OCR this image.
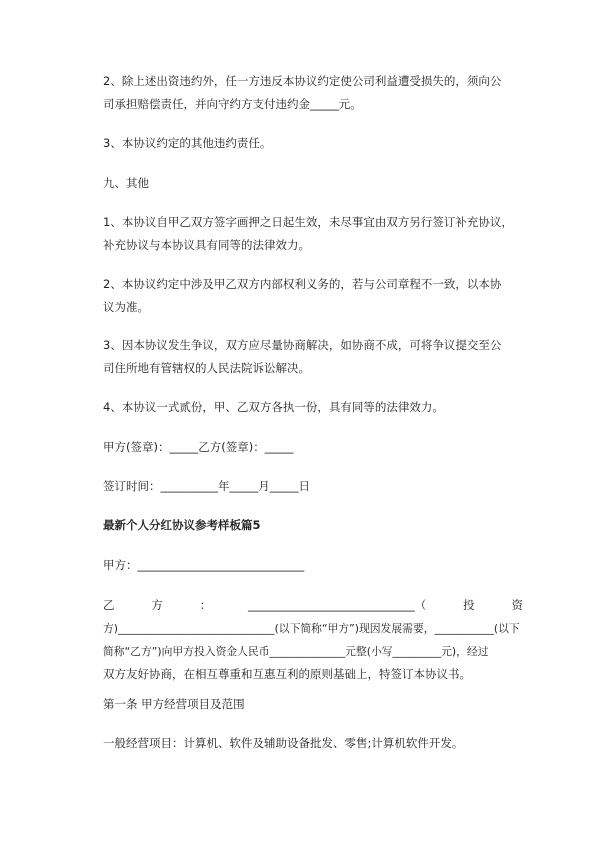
2、除上述出资违约外，任一方违反本协议约定使公司利益遭受损失的，须向公
司承担赔偿责任，并向守约方支付违约金_____元。
3、本协议约定的其他违约责任。
九、其他
1、本协议自甲乙双方签字画押之日起生效，未尽事宜由双方另行签订补充协议，
补充协议与本协议具有同等的法律效力。
2、本协议约定中涉及甲乙双方内部权利义务的，若与公司章程不一致，以本协
议为准。
3、因本协议发生争议，双方应尽量协商解决，如协商不成，可将争议提交至公
司住所地有管辖权的人民法院诉讼解决。
4、本协议一式贰份，甲、乙双方各执一份，具有同等的法律效力。
甲方(签章)：_____乙方(签章)：_____
签订时间：__________年_____月_____日
最新个人分红协议参考样板篇5
甲方：_____________________________
乙	方	：	_____________________________（	投	资
方)_____________________________(以下简称“甲方”)现因发展需要，___________(以下
简称“乙方”)向甲方投入资金人民币______________元整(小写_________元)，经过
双方友好协商，在相互尊重和互惠互利的原则基础上，特签订本协议书。
第一条 甲方经营项目及范围
一般经营项目：计算机、软件及辅助设备批发、零售;计算机软件开发。
